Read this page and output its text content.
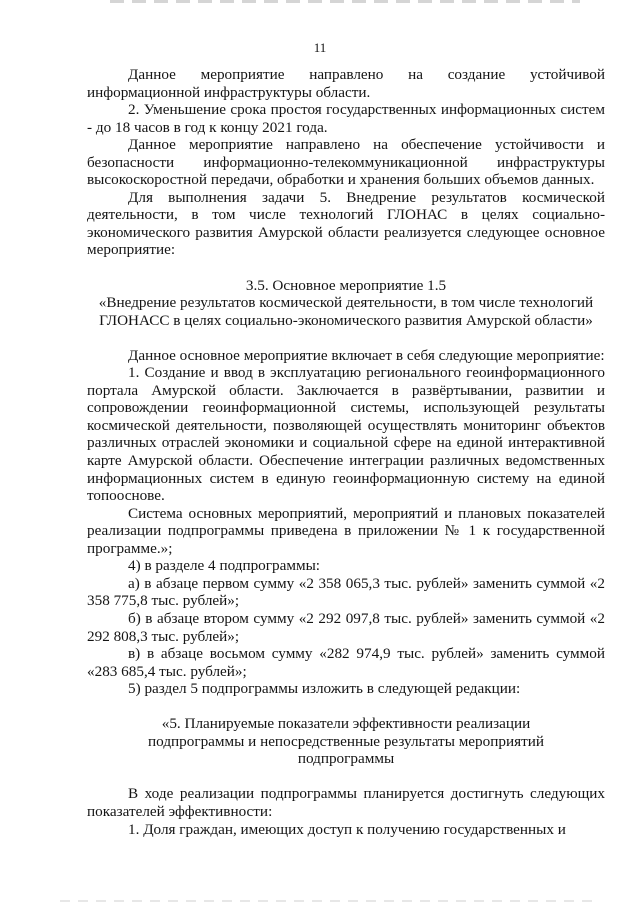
11

Данное мероприятие направлено на создание устойчивой информационной инфраструктуры области.

2. Уменьшение срока простоя государственных информационных систем - до 18 часов в год к концу 2021 года.

Данное мероприятие направлено на обеспечение устойчивости и безопасности информационно-телекоммуникационной инфраструктуры высокоскоростной передачи, обработки и хранения больших объемов данных.

Для выполнения задачи 5. Внедрение результатов космической деятельности, в том числе технологий ГЛОНАС в целях социально-экономического развития Амурской области реализуется следующее основное мероприятие:

3.5. Основное мероприятие 1.5

«Внедрение результатов космической деятельности, в том числе технологий ГЛОНАСС в целях социально-экономического развития Амурской области»

Данное основное мероприятие включает в себя следующие мероприятие:

1. Создание и ввод в эксплуатацию регионального геоинформационного портала Амурской области. Заключается в развёртывании, развитии и сопровождении геоинформационной системы, использующей результаты космической деятельности, позволяющей осуществлять мониторинг объектов различных отраслей экономики и социальной сфере на единой интерактивной карте Амурской области. Обеспечение интеграции различных ведомственных информационных систем в единую геоинформационную систему на единой топооснове.

Система основных мероприятий, мероприятий и плановых показателей реализации подпрограммы приведена в приложении № 1 к государственной программе.»;

4) в разделе 4 подпрограммы:

а) в абзаце первом сумму «2 358 065,3 тыс. рублей» заменить суммой «2 358 775,8 тыс. рублей»;

б) в абзаце втором сумму «2 292 097,8 тыс. рублей» заменить суммой «2 292 808,3 тыс. рублей»;

в) в абзаце восьмом сумму «282 974,9 тыс. рублей» заменить суммой «283 685,4 тыс. рублей»;

5) раздел 5 подпрограммы изложить в следующей редакции:

«5. Планируемые показатели эффективности реализации

подпрограммы и непосредственные результаты мероприятий

подпрограммы

В ходе реализации подпрограммы планируется достигнуть следующих показателей эффективности:

1. Доля граждан, имеющих доступ к получению государственных и
